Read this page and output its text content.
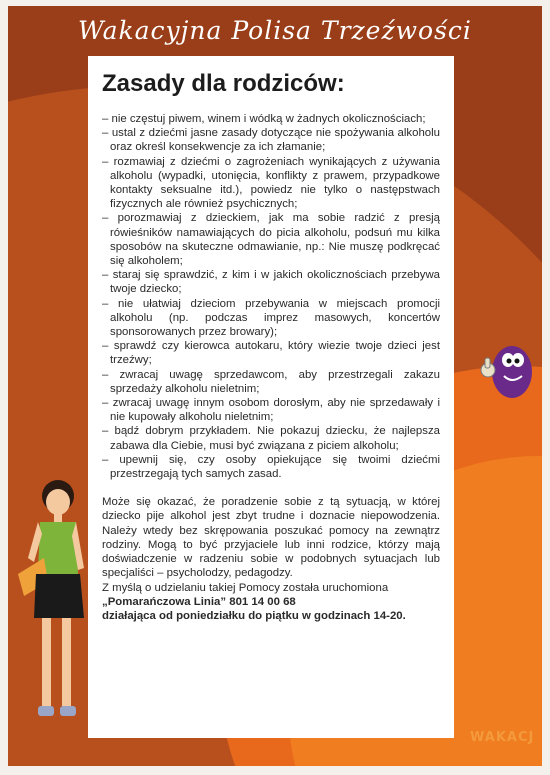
Wakacyjna Polisa Trzeźwości
Zasady dla rodziców:
– nie częstuj piwem, winem i wódką w żadnych okolicznościach;
– ustal z dziećmi jasne zasady dotyczące nie spożywania alkoholu oraz określ konsekwencje za ich złamanie;
– rozmawiaj z dziećmi o zagrożeniach wynikających z używania alkoholu (wypadki, utonięcia, konflikty z prawem, przypadkowe kontakty seksualne itd.), powiedz nie tylko o następstwach fizycznych ale również psychicznych;
– porozmawiaj z dzieckiem, jak ma sobie radzić z presją rówieśników namawiających do picia alkoholu, podsuń mu kilka sposobów na skuteczne odmawianie, np.: Nie muszę podkręcać się alkoholem;
– staraj się sprawdzić, z kim i w jakich okolicznościach przebywa twoje dziecko;
– nie ułatwiaj dzieciom przebywania w miejscach promocji alkoholu (np. podczas imprez masowych, koncertów sponsorowanych przez browary);
– sprawdź czy kierowca autokaru, który wiezie twoje dzieci jest trzeźwy;
– zwracaj uwagę sprzedawcom, aby przestrzegali zakazu sprzedaży alkoholu nieletnim;
– zwracaj uwagę innym osobom dorosłym, aby nie sprzedawały i nie kupowały alkoholu nieletnim;
– bądź dobrym przykładem. Nie pokazuj dziecku, że najlepsza zabawa dla Ciebie, musi być związana z piciem alkoholu;
– upewnij się, czy osoby opiekujące się twoimi dziećmi przestrzegają tych samych zasad.
Może się okazać, że poradzenie sobie z tą sytuacją, w której dziecko pije alkohol jest zbyt trudne i doznacie niepowodzenia. Należy wtedy bez skrępowania poszukać pomocy na zewnątrz rodziny. Mogą to być przyjaciele lub inni rodzice, którzy mają doświadczenie w radzeniu sobie w podobnych sytuacjach lub specjaliści – psycholodzy, pedagodzy.
Z myślą o udzielaniu takiej Pomocy została uruchomiona
„Pomarańczowa Linia” 801 14 00 68
działająca od poniedziałku do piątku w godzinach 14-20.
WAKACJ
